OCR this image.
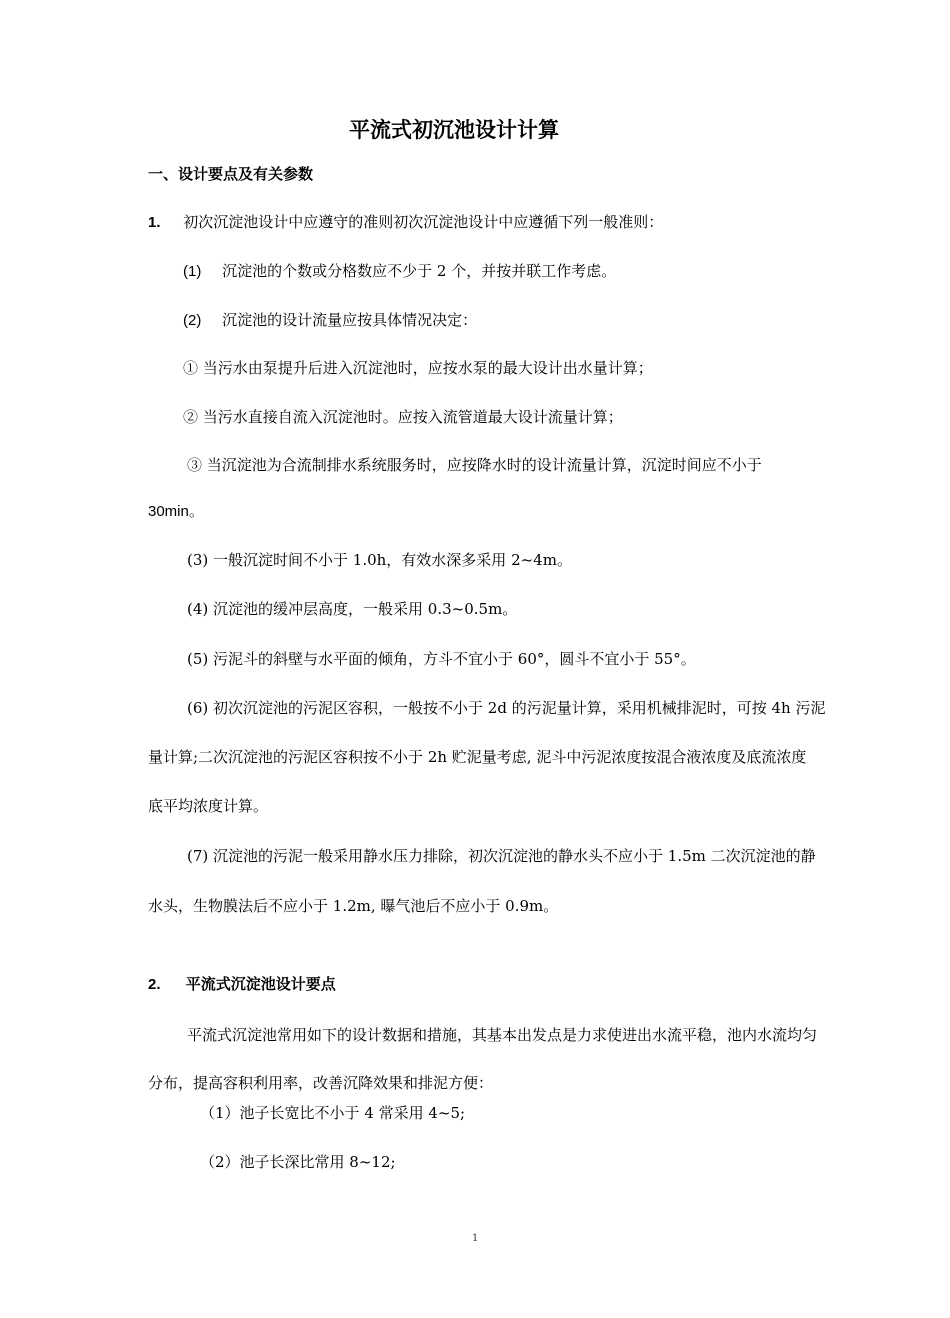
平流式初沉池设计计算
一、设计要点及有关参数
1. 初次沉淀池设计中应遵守的准则初次沉淀池设计中应遵循下列一般准则：
(1) 沉淀池的个数或分格数应不少于 2 个，并按并联工作考虑。
(2) 沉淀池的设计流量应按具体情况决定：
① 当污水由泵提升后进入沉淀池时，应按水泵的最大设计出水量计算；
② 当污水直接自流入沉淀池时。应按入流管道最大设计流量计算；
③ 当沉淀池为合流制排水系统服务时，应按降水时的设计流量计算，沉淀时间应不小于
30min。
(3) 一般沉淀时间不小于 1.0h，有效水深多采用 2~4m。
(4) 沉淀池的缓冲层高度，一般采用 0.3~0.5m。
(5) 污泥斗的斜壁与水平面的倾角，方斗不宜小于 60°，圆斗不宜小于 55°。
(6) 初次沉淀池的污泥区容积，一般按不小于 2d 的污泥量计算，采用机械排泥时，可按 4h 污泥
量计算;二次沉淀池的污泥区容积按不小于 2h 贮泥量考虑, 泥斗中污泥浓度按混合液浓度及底流浓度
底平均浓度计算。
(7) 沉淀池的污泥一般采用静水压力排除，初次沉淀池的静水头不应小于 1.5m 二次沉淀池的静
水头，生物膜法后不应小于 1.2m, 曝气池后不应小于 0.9m。
2. 平流式沉淀池设计要点
平流式沉淀池常用如下的设计数据和措施，其基本出发点是力求使进出水流平稳，池内水流均匀
分布，提高容积利用率，改善沉降效果和排泥方便：
（1）池子长宽比不小于 4 常采用 4~5;
（2）池子长深比常用 8~12;
1
